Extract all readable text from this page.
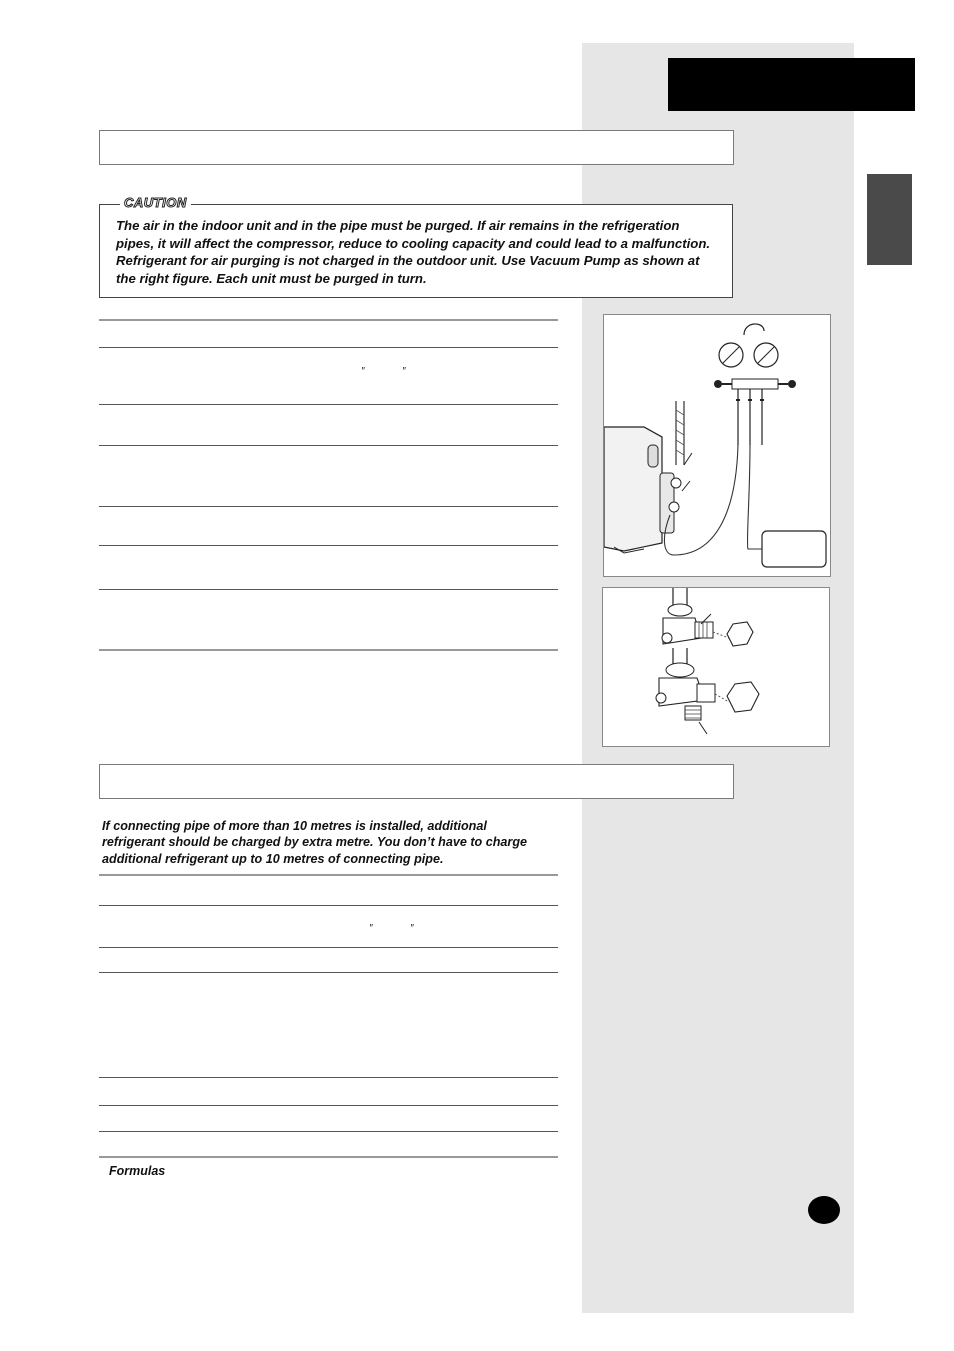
The air in the indoor unit and in the pipe must be purged. If air remains in the refrigeration pipes, it will affect the compressor, reduce to cooling capacity and could lead to a malfunction. Refrigerant for air purging is not charged in the outdoor unit. Use Vacuum Pump as shown at the right figure. Each unit must be purged in turn.

CAUTION
″	″

If connecting pipe of more than 10 metres is installed, additional refrigerant should be charged by extra metre. You don’t have to charge additional refrigerant up to 10 metres of connecting pipe.

″	″
Formulas
